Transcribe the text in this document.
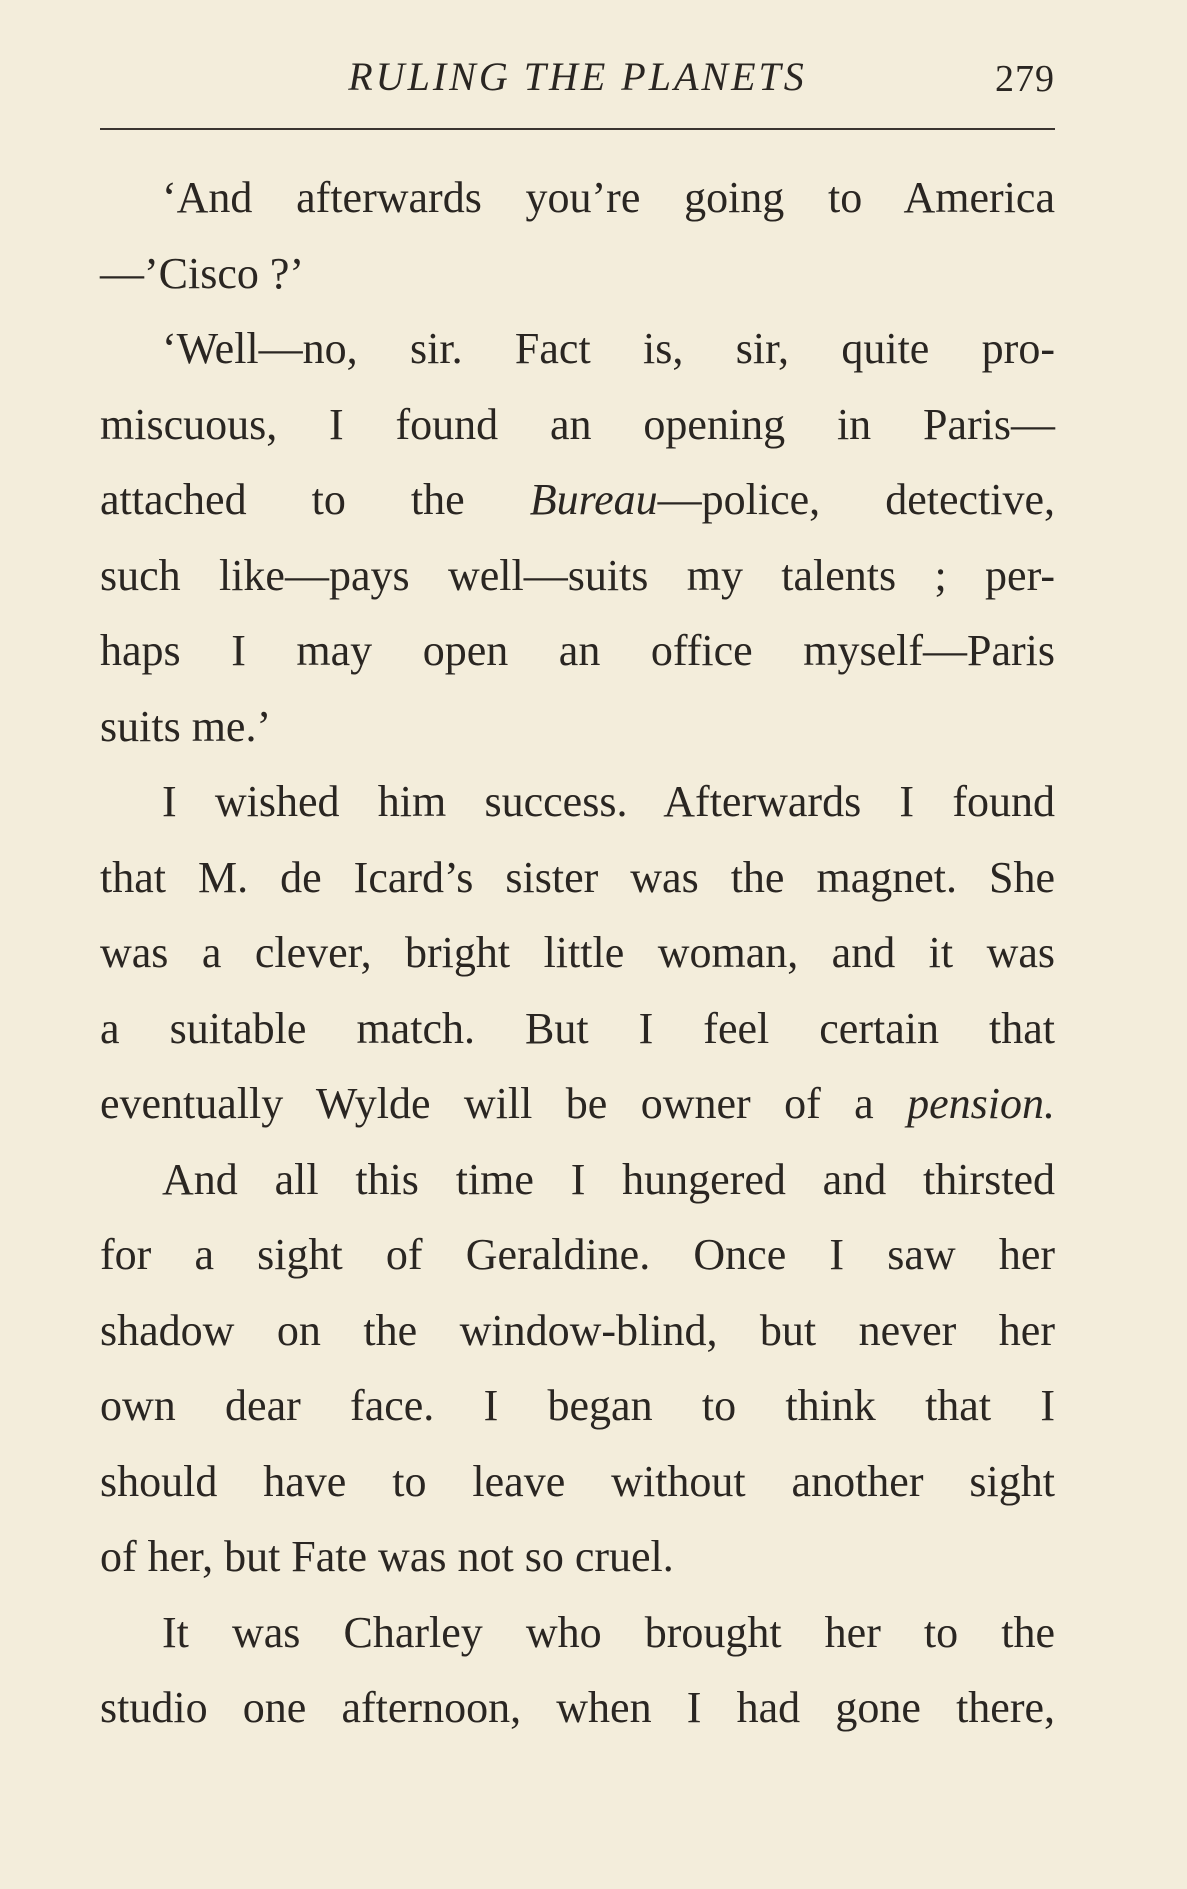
RULING THE PLANETS	279
‘And afterwards you’re going to America
—’Cisco ?’
‘Well—no, sir. Fact is, sir, quite pro-
miscuous, I found an opening in Paris—
attached to the Bureau—police, detective,
such like—pays well—suits my talents ; per-
haps I may open an office myself—Paris
suits me.’
I wished him success. Afterwards I found
that M. de Icard’s sister was the magnet. She
was a clever, bright little woman, and it was
a suitable match. But I feel certain that
eventually Wylde will be owner of a pension.
And all this time I hungered and thirsted
for a sight of Geraldine. Once I saw her
shadow on the window-blind, but never her
own dear face. I began to think that I
should have to leave without another sight
of her, but Fate was not so cruel.
It was Charley who brought her to the
studio one afternoon, when I had gone there,
